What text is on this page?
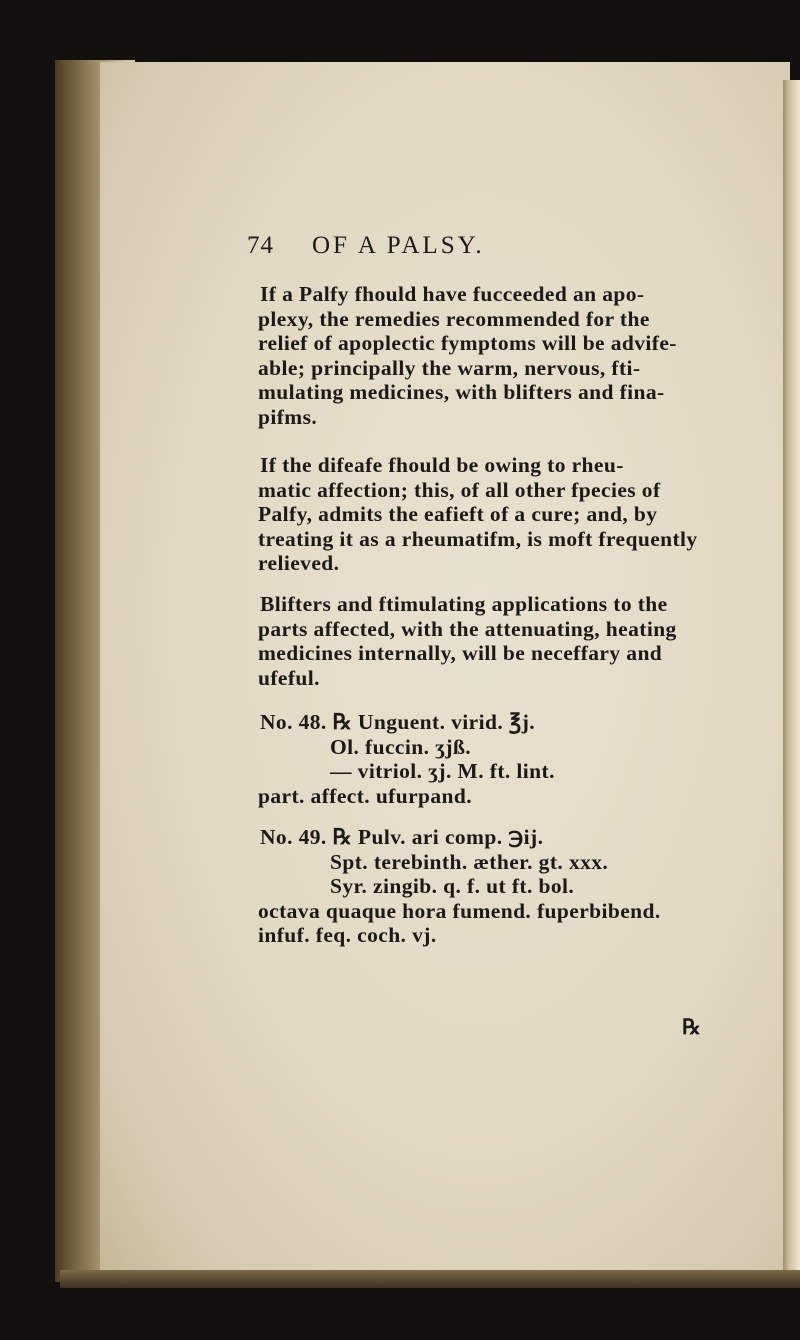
74 OF A PALSY.
If a Palfy fhould have fucceeded an apo-
plexy, the remedies recommended for the
relief of apoplectic fymptoms will be advife-
able; principally the warm, nervous, fti-
mulating medicines, with blifters and fina-
pifms.
If the difeafe fhould be owing to rheu-
matic affection; this, of all other fpecies of
Palfy, admits the eafieft of a cure; and, by
treating it as a rheumatifm, is moft frequently
relieved.
Blifters and ftimulating applications to the
parts affected, with the attenuating, heating
medicines internally, will be neceffary and
ufeful.
No. 48. ℞ Unguent. virid. ℥j.
Ol. fuccin. ʒjß.
— vitriol. ʒj. M. ft. lint.
part. affect. ufurpand.
No. 49. ℞ Pulv. ari comp. ℈ij.
Spt. terebinth. æther. gt. xxx.
Syr. zingib. q. f. ut ft. bol.
octava quaque hora fumend. fuperbibend.
infuf. feq. coch. vj.
℞
